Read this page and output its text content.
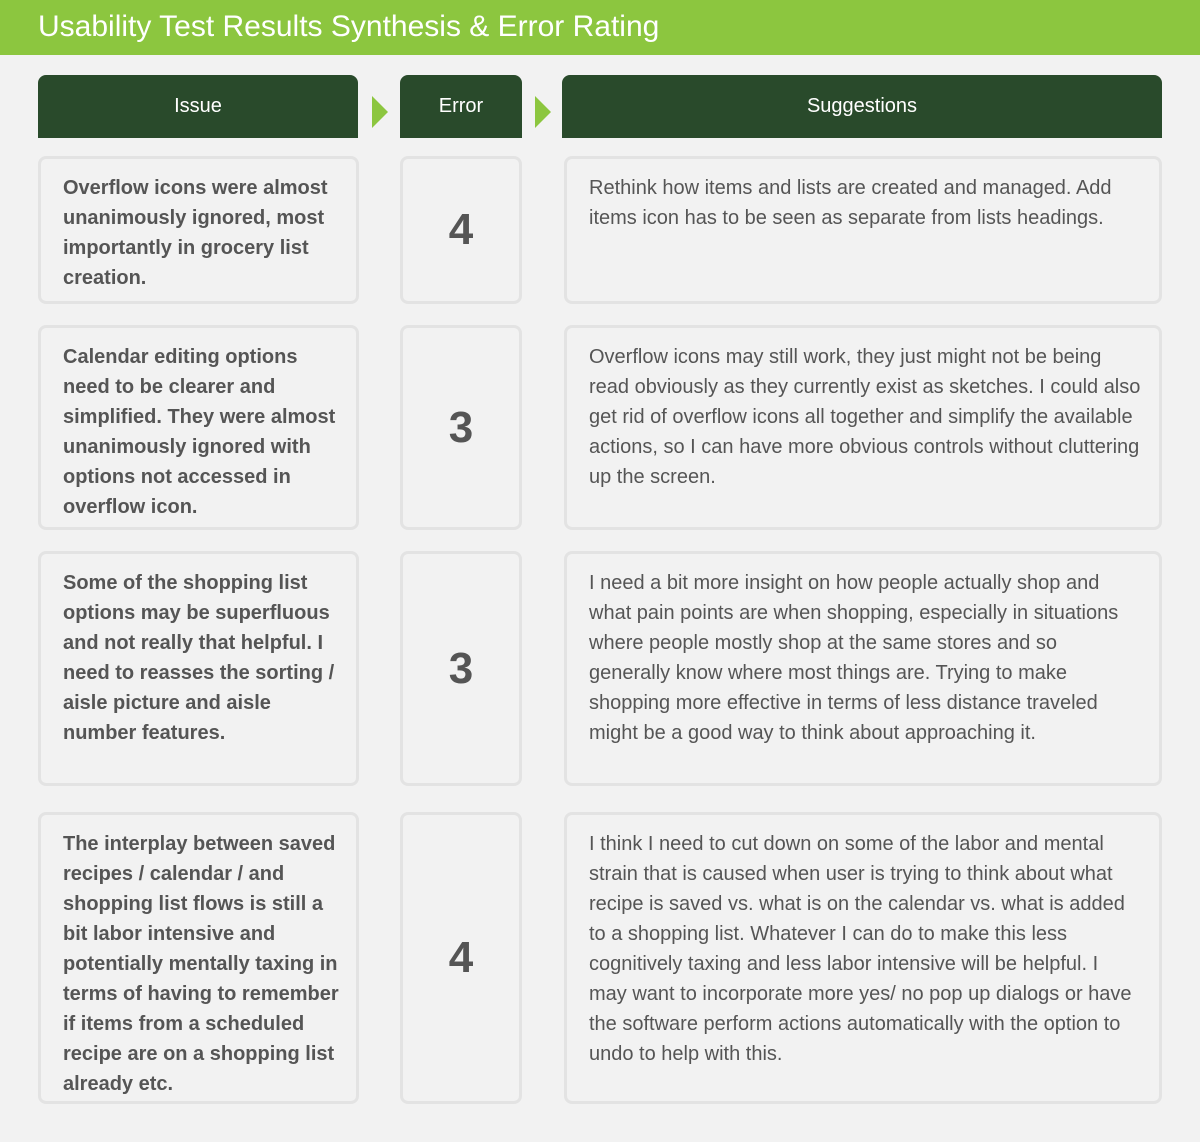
Usability Test Results Synthesis & Error Rating
Issue	Error	Suggestions
Overflow icons were almost unanimously ignored, most importantly in grocery list creation.
4
Rethink how items and lists are created and managed. Add items icon has to be seen as separate from lists headings.
Calendar editing options need to be clearer and simplified. They were almost unanimously ignored with options not accessed in overflow icon.
3
Overflow icons may still work, they just might not be being read obviously as they currently exist as sketches. I could also get rid of overflow icons all together and simplify the available actions, so I can have more obvious controls without cluttering up the screen.
Some of the shopping list options may be superfluous and not really that helpful. I need to reasses the sorting / aisle picture and aisle number features.
3
I need a bit more insight on how people actually shop and what pain points are when shopping, especially in situations where people mostly shop at the same stores and so generally know where most things are. Trying to make shopping more effective in terms of less distance traveled might be a good way to think about approaching it.
The interplay between saved recipes / calendar / and shopping list flows is still a bit labor intensive and potentially mentally taxing in terms of having to remember if items from a scheduled recipe are on a shopping list already etc.
4
I think I need to cut down on some of the labor and mental strain that is caused when user is trying to think about what recipe is saved vs. what is on the calendar vs. what is added to a shopping list. Whatever I can do to make this less cognitively taxing and less labor intensive will be helpful. I may want to incorporate more yes/ no pop up dialogs or have the software perform actions automatically with the option to undo to help with this.
